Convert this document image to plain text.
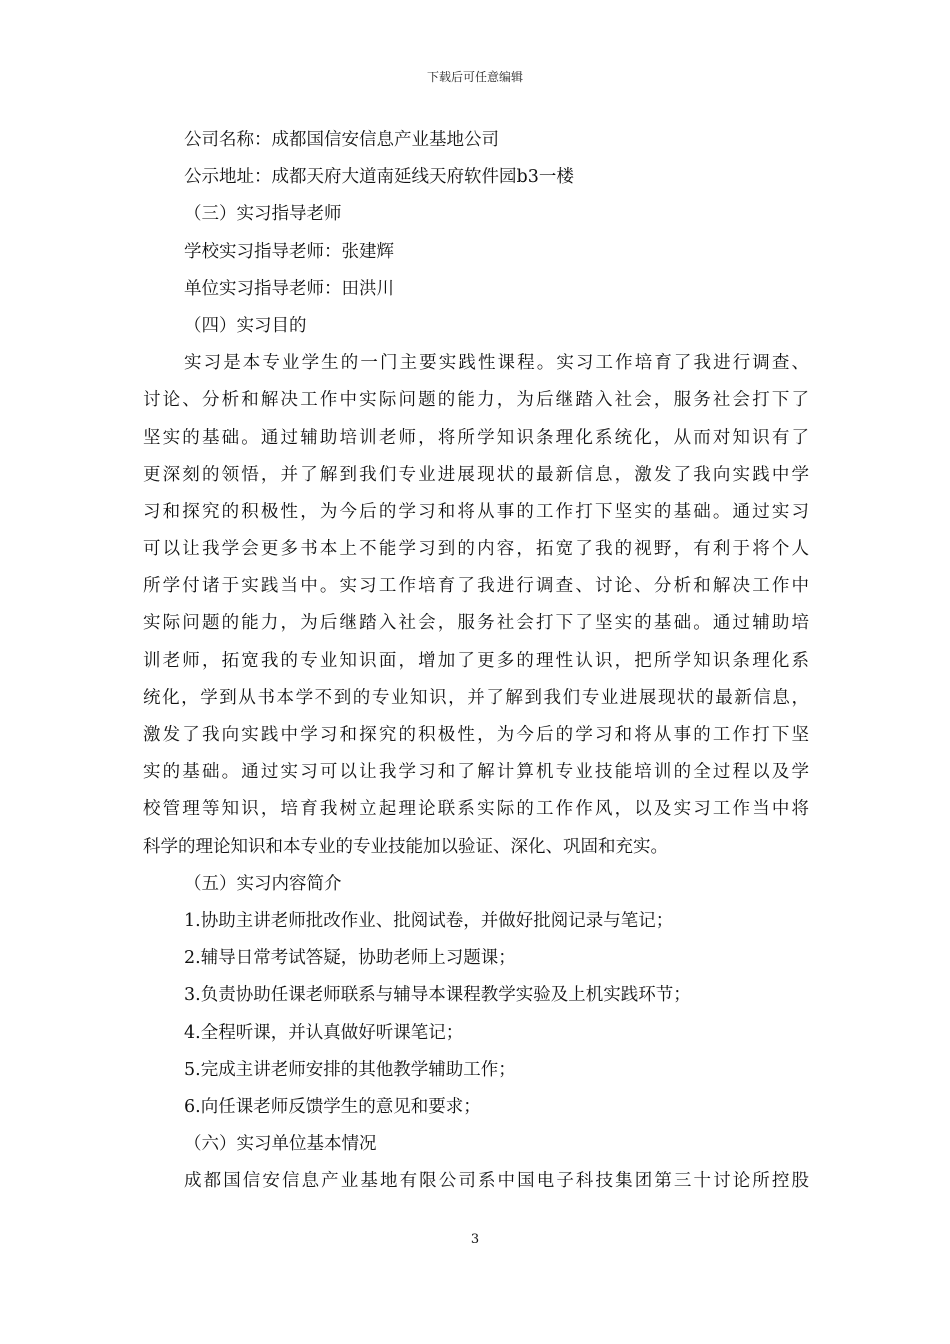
下载后可任意编辑
公司名称：成都国信安信息产业基地公司
公示地址：成都天府大道南延线天府软件园b3一楼
（三）实习指导老师
学校实习指导老师：张建辉
单位实习指导老师：田洪川
（四）实习目的
实习是本专业学生的一门主要实践性课程。实习工作培育了我进行调查、
讨论、分析和解决工作中实际问题的能力，为后继踏入社会，服务社会打下了
坚实的基础。通过辅助培训老师，将所学知识条理化系统化，从而对知识有了
更深刻的领悟，并了解到我们专业进展现状的最新信息，激发了我向实践中学
习和探究的积极性，为今后的学习和将从事的工作打下坚实的基础。通过实习
可以让我学会更多书本上不能学习到的内容，拓宽了我的视野，有利于将个人
所学付诸于实践当中。实习工作培育了我进行调查、讨论、分析和解决工作中
实际问题的能力，为后继踏入社会，服务社会打下了坚实的基础。通过辅助培
训老师，拓宽我的专业知识面，增加了更多的理性认识，把所学知识条理化系
统化，学到从书本学不到的专业知识，并了解到我们专业进展现状的最新信息，
激发了我向实践中学习和探究的积极性，为今后的学习和将从事的工作打下坚
实的基础。通过实习可以让我学习和了解计算机专业技能培训的全过程以及学
校管理等知识，培育我树立起理论联系实际的工作作风，以及实习工作当中将
科学的理论知识和本专业的专业技能加以验证、深化、巩固和充实。
（五）实习内容简介
1.协助主讲老师批改作业、批阅试卷，并做好批阅记录与笔记；
2.辅导日常考试答疑，协助老师上习题课；
3.负责协助任课老师联系与辅导本课程教学实验及上机实践环节；
4.全程听课，并认真做好听课笔记；
5.完成主讲老师安排的其他教学辅助工作；
6.向任课老师反馈学生的意见和要求；
（六）实习单位基本情况
成都国信安信息产业基地有限公司系中国电子科技集团第三十讨论所控股
3
